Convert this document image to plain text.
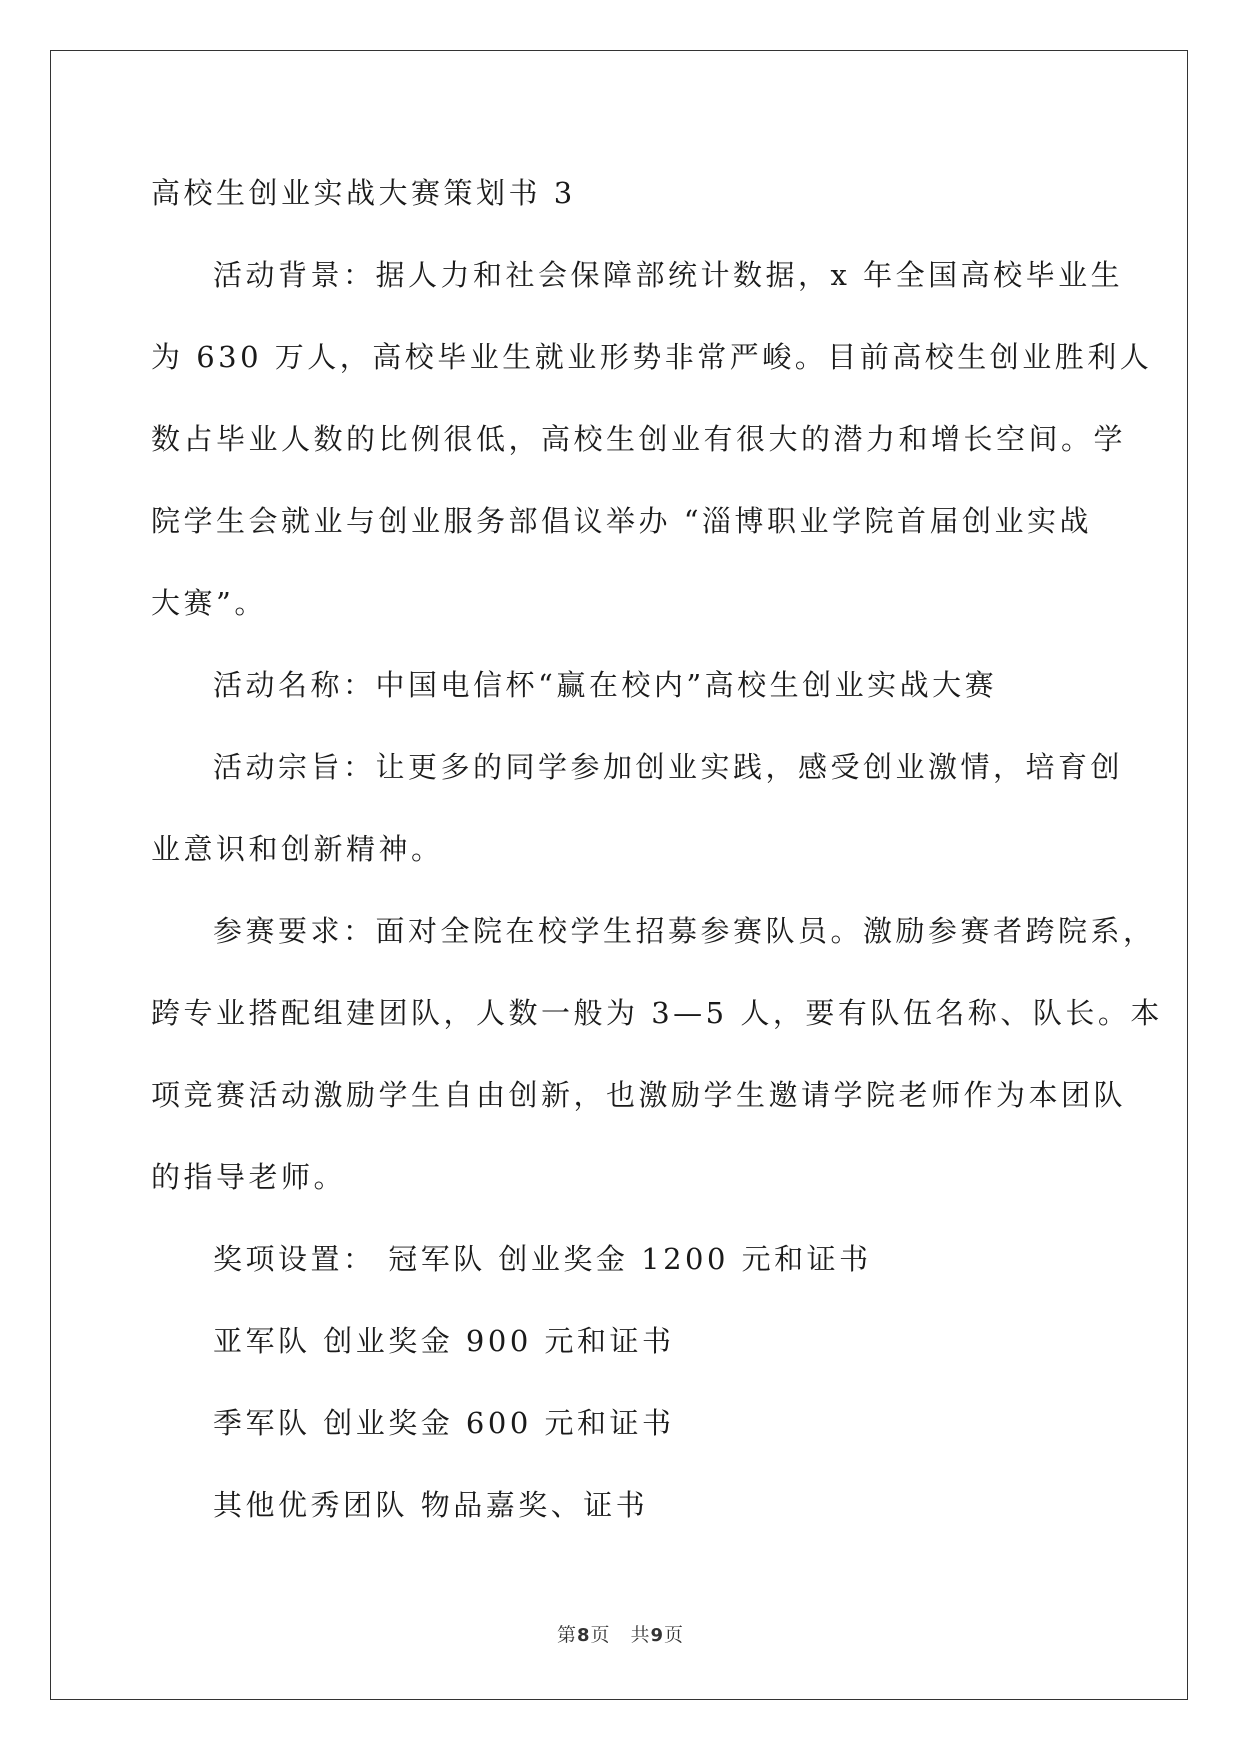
高校生创业实战大赛策划书 3
活动背景：据人力和社会保障部统计数据，x 年全国高校毕业生
为 630 万人，高校毕业生就业形势非常严峻。目前高校生创业胜利人
数占毕业人数的比例很低，高校生创业有很大的潜力和增长空间。学
院学生会就业与创业服务部倡议举办 “淄博职业学院首届创业实战
大赛”。
活动名称：中国电信杯“赢在校内”高校生创业实战大赛
活动宗旨：让更多的同学参加创业实践，感受创业激情，培育创
业意识和创新精神。
参赛要求：面对全院在校学生招募参赛队员。激励参赛者跨院系，
跨专业搭配组建团队，人数一般为 3—5 人，要有队伍名称、队长。本
项竞赛活动激励学生自由创新，也激励学生邀请学院老师作为本团队
的指导老师。
奖项设置： 冠军队 创业奖金 1200 元和证书
亚军队 创业奖金 900 元和证书
季军队 创业奖金 600 元和证书
其他优秀团队 物品嘉奖、证书
第8页 共9页
